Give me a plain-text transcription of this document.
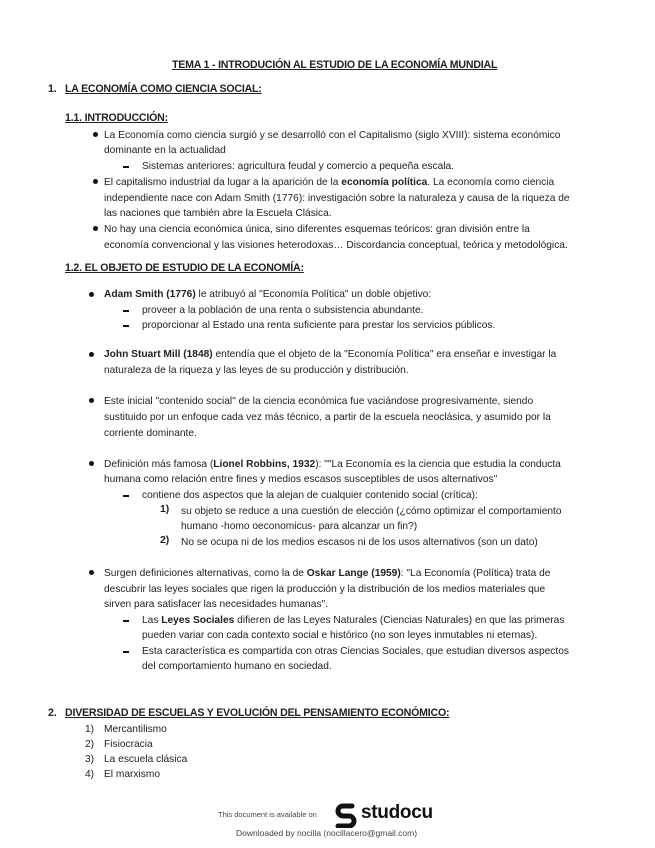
TEMA 1 - INTRODUCIÓN AL ESTUDIO DE LA ECONOMÍA MUNDIAL
1. LA ECONOMÍA COMO CIENCIA SOCIAL:
1.1. INTRODUCCIÓN:
La Economía como ciencia surgió y se desarrolló con el Capitalismo (siglo XVIII): sistema económico
dominante en la actualidad
Sistemas anteriores: agricultura feudal y comercio a pequeña escala.
El capitalismo industrial da lugar a la aparición de la economía política. La economía como ciencia
independiente nace con Adam Smith (1776): investigación sobre la naturaleza y causa de la riqueza de
las naciones que también abre la Escuela Clásica.
No hay una ciencia económica única, sino diferentes esquemas teóricos: gran división entre la
economía convencional y las visiones heterodoxas… Discordancia conceptual, teórica y metodológica.
1.2. EL OBJETO DE ESTUDIO DE LA ECONOMÍA:
Adam Smith (1776) le atribuyó al "Economía Política" un doble objetivo:
proveer a la población de una renta o subsistencia abundante.
proporcionar al Estado una renta suficiente para prestar los servicios públicos.
John Stuart Mill (1848) entendía que el objeto de la "Economía Política" era enseñar e investigar la
naturaleza de la riqueza y las leyes de su producción y distribución.
Este inicial "contenido social" de la ciencia económica fue vaciándose progresivamente, siendo
sustituido por un enfoque cada vez más técnico, a partir de la escuela neoclásica, y asumido por la
corriente dominante.
Definición más famosa (Lionel Robbins, 1932): ""La Economía es la ciencia que estudia la conducta
humana como relación entre fines y medios escasos susceptibles de usos alternativos"
contiene dos aspectos que la alejan de cualquier contenido social (crítica):
1) su objeto se reduce a una cuestión de elección (¿cómo optimizar el comportamiento
humano -homo oeconomicus- para alcanzar un fin?)
2) No se ocupa ni de los medios escasos ni de los usos alternativos (son un dato)
Surgen definiciones alternativas, como la de Oskar Lange (1959): "La Economía (Política) trata de
descubrir las leyes sociales que rigen la producción y la distribución de los medios materiales que
sirven para satisfacer las necesidades humanas".
Las Leyes Sociales difieren de las Leyes Naturales (Ciencias Naturales) en que las primeras
pueden variar con cada contexto social e histórico (no son leyes inmutables ni eternas).
Esta característica es compartida con otras Ciencias Sociales, que estudian diversos aspectos
del comportamiento humano en sociedad.
2. DIVERSIDAD DE ESCUELAS Y EVOLUCIÓN DEL PENSAMIENTO ECONÓMICO:
1) Mercantilismo
2) Fisiocracia
3) La escuela clásica
4) El marxismo
This document is available on studocu
Downloaded by nocilla (nocillacero@gmail.com)
